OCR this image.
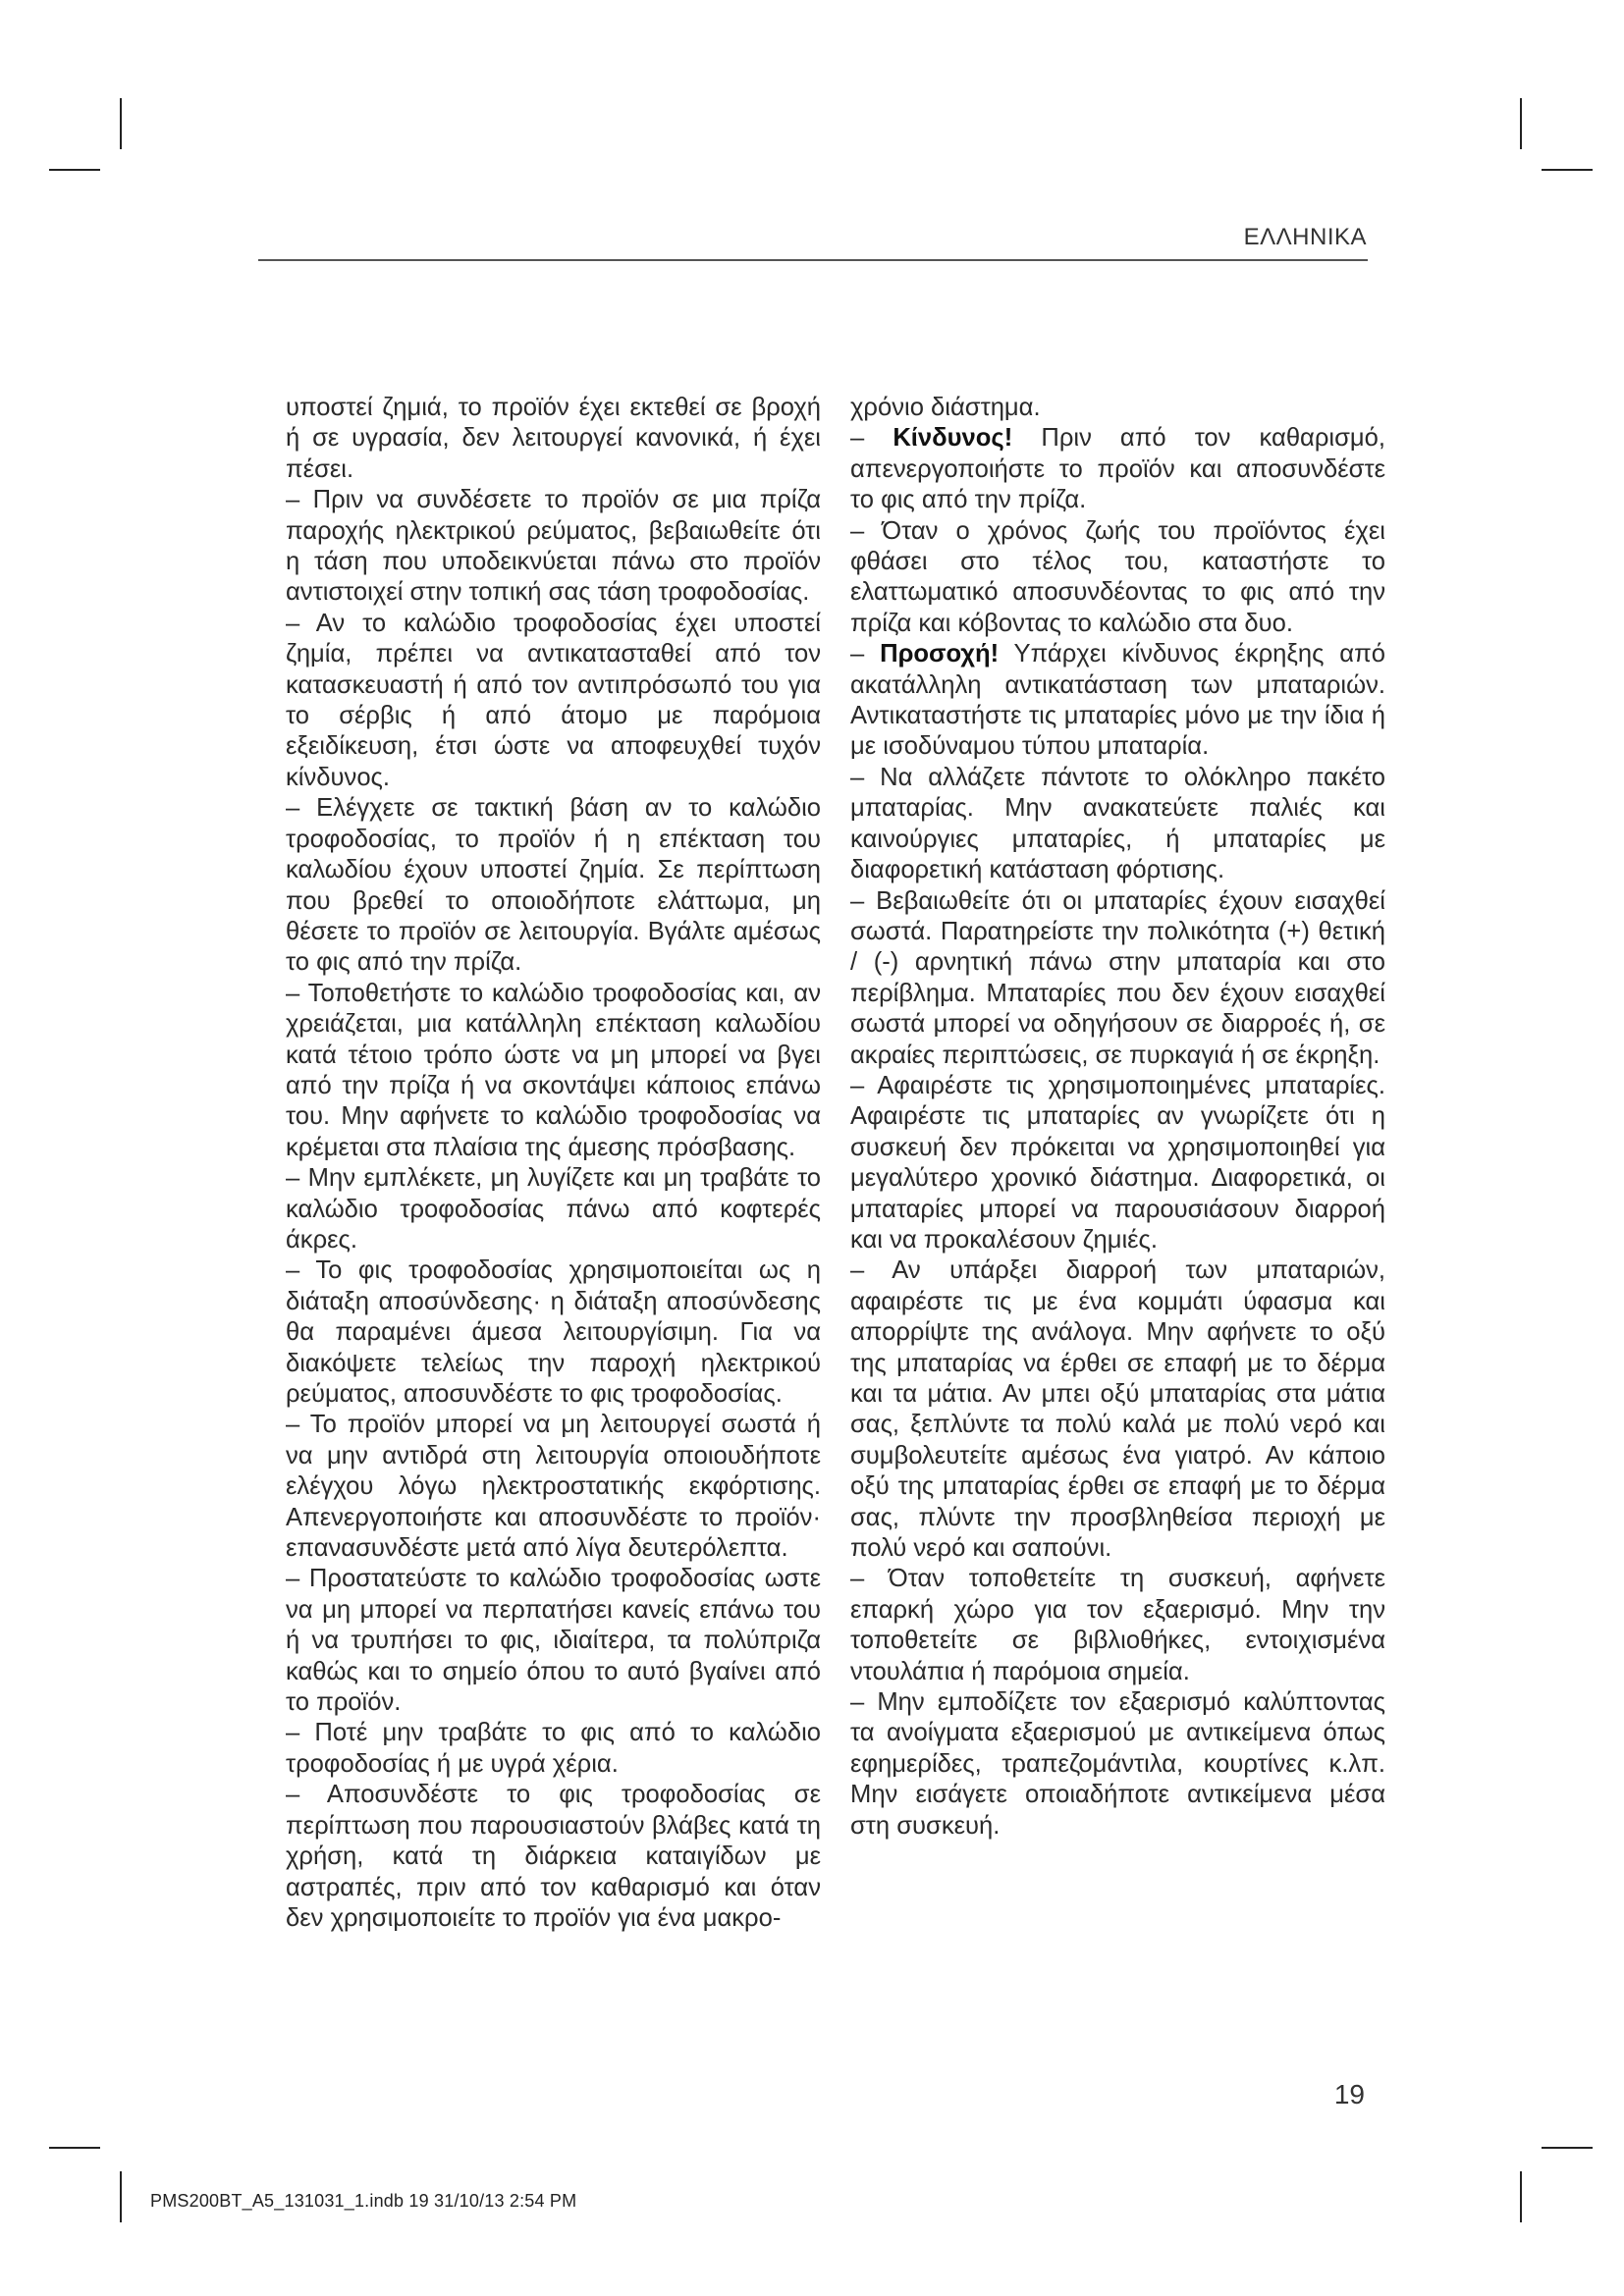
ΕΛΛΗΝΙΚΑ

υποστεί ζημιά, το προϊόν έχει εκτεθεί σε βροχή ή σε υγρασία, δεν λειτουργεί κανονικά, ή έχει πέσει.

– Πριν να συνδέσετε το προϊόν σε μια πρίζα παροχής ηλεκτρικού ρεύματος, βεβαιωθείτε ότι η τάση που υποδεικνύεται πάνω στο προϊόν αντιστοιχεί στην τοπική σας τάση τροφοδοσίας.

– Αν το καλώδιο τροφοδοσίας έχει υποστεί ζημία, πρέπει να αντικατασταθεί από τον κατασκευαστή ή από τον αντιπρόσωπό του για το σέρβις ή από άτομο με παρόμοια εξειδίκευση, έτσι ώστε να αποφευχθεί τυχόν κίνδυνος.

– Ελέγχετε σε τακτική βάση αν το καλώδιο τροφοδοσίας, το προϊόν ή η επέκταση του καλωδίου έχουν υποστεί ζημία. Σε περίπτωση που βρεθεί το οποιοδήποτε ελάττωμα, μη θέσετε το προϊόν σε λειτουργία. Βγάλτε αμέσως το φις από την πρίζα.

– Τοποθετήστε το καλώδιο τροφοδοσίας και, αν χρειάζεται, μια κατάλληλη επέκταση καλωδίου κατά τέτοιο τρόπο ώστε να μη μπορεί να βγει από την πρίζα ή να σκοντάψει κάποιος επάνω του. Μην αφήνετε το καλώδιο τροφοδοσίας να κρέμεται στα πλαίσια της άμεσης πρόσβασης.

– Μην εμπλέκετε, μη λυγίζετε και μη τραβάτε το καλώδιο τροφοδοσίας πάνω από κοφτερές άκρες.

– Το φις τροφοδοσίας χρησιμοποιείται ως η διάταξη αποσύνδεσης· η διάταξη αποσύνδεσης θα παραμένει άμεσα λειτουργίσιμη. Για να διακόψετε τελείως την παροχή ηλεκτρικού ρεύματος, αποσυνδέστε το φις τροφοδοσίας.

– Το προϊόν μπορεί να μη λειτουργεί σωστά ή να μην αντιδρά στη λειτουργία οποιουδήποτε ελέγχου λόγω ηλεκτροστατικής εκφόρτισης. Απενεργοποιήστε και αποσυνδέστε το προϊόν· επανασυνδέστε μετά από λίγα δευτερόλεπτα.

– Προστατεύστε το καλώδιο τροφοδοσίας ωστε να μη μπορεί να περπατήσει κανείς επάνω του ή να τρυπήσει το φις, ιδιαίτερα, τα πολύπριζα καθώς και το σημείο όπου το αυτό βγαίνει από το προϊόν.

– Ποτέ μην τραβάτε το φις από το καλώδιο τροφοδοσίας ή με υγρά χέρια.

– Αποσυνδέστε το φις τροφοδοσίας σε περίπτωση που παρουσιαστούν βλάβες κατά τη χρήση, κατά τη διάρκεια καταιγίδων με αστραπές, πριν από τον καθαρισμό και όταν δεν χρησιμοποιείτε το προϊόν για ένα μακρο-

χρόνιο διάστημα.

– Κίνδυνος! Πριν από τον καθαρισμό, απενεργοποιήστε το προϊόν και αποσυνδέστε το φις από την πρίζα.

– Όταν ο χρόνος ζωής του προϊόντος έχει φθάσει στο τέλος του, καταστήστε το ελαττωματικό αποσυνδέοντας το φις από την πρίζα και κόβοντας το καλώδιο στα δυο.

– Προσοχή! Υπάρχει κίνδυνος έκρηξης από ακατάλληλη αντικατάσταση των μπαταριών. Αντικαταστήστε τις μπαταρίες μόνο με την ίδια ή με ισοδύναμου τύπου μπαταρία.

– Να αλλάζετε πάντοτε το ολόκληρο πακέτο μπαταρίας. Μην ανακατεύετε παλιές και καινούργιες μπαταρίες, ή μπαταρίες με διαφορετική κατάσταση φόρτισης.

– Βεβαιωθείτε ότι οι μπαταρίες έχουν εισαχθεί σωστά. Παρατηρείστε την πολικότητα (+) θετική / (-) αρνητική πάνω στην μπαταρία και στο περίβλημα. Μπαταρίες που δεν έχουν εισαχθεί σωστά μπορεί να οδηγήσουν σε διαρροές ή, σε ακραίες περιπτώσεις, σε πυρκαγιά ή σε έκρηξη.

– Αφαιρέστε τις χρησιμοποιημένες μπαταρίες. Αφαιρέστε τις μπαταρίες αν γνωρίζετε ότι η συσκευή δεν πρόκειται να χρησιμοποιηθεί για μεγαλύτερο χρονικό διάστημα. Διαφορετικά, οι μπαταρίες μπορεί να παρουσιάσουν διαρροή και να προκαλέσουν ζημιές.

– Αν υπάρξει διαρροή των μπαταριών, αφαιρέστε τις με ένα κομμάτι ύφασμα και απορρίψτε της ανάλογα. Μην αφήνετε το οξύ της μπαταρίας να έρθει σε επαφή με το δέρμα και τα μάτια. Αν μπει οξύ μπαταρίας στα μάτια σας, ξεπλύντε τα πολύ καλά με πολύ νερό και συμβολευτείτε αμέσως ένα γιατρό. Αν κάποιο οξύ της μπαταρίας έρθει σε επαφή με το δέρμα σας, πλύντε την προσβληθείσα περιοχή με πολύ νερό και σαπούνι.

– Όταν τοποθετείτε τη συσκευή, αφήνετε επαρκή χώρο για τον εξαερισμό. Μην την τοποθετείτε σε βιβλιοθήκες, εντοιχισμένα ντουλάπια ή παρόμοια σημεία.

– Μην εμποδίζετε τον εξαερισμό καλύπτοντας τα ανοίγματα εξαερισμού με αντικείμενα όπως εφημερίδες, τραπεζομάντιλα, κουρτίνες κ.λπ. Μην εισάγετε οποιαδήποτε αντικείμενα μέσα στη συσκευή.

19
PMS200BT_A5_131031_1.indb 19 31/10/13 2:54 PM
